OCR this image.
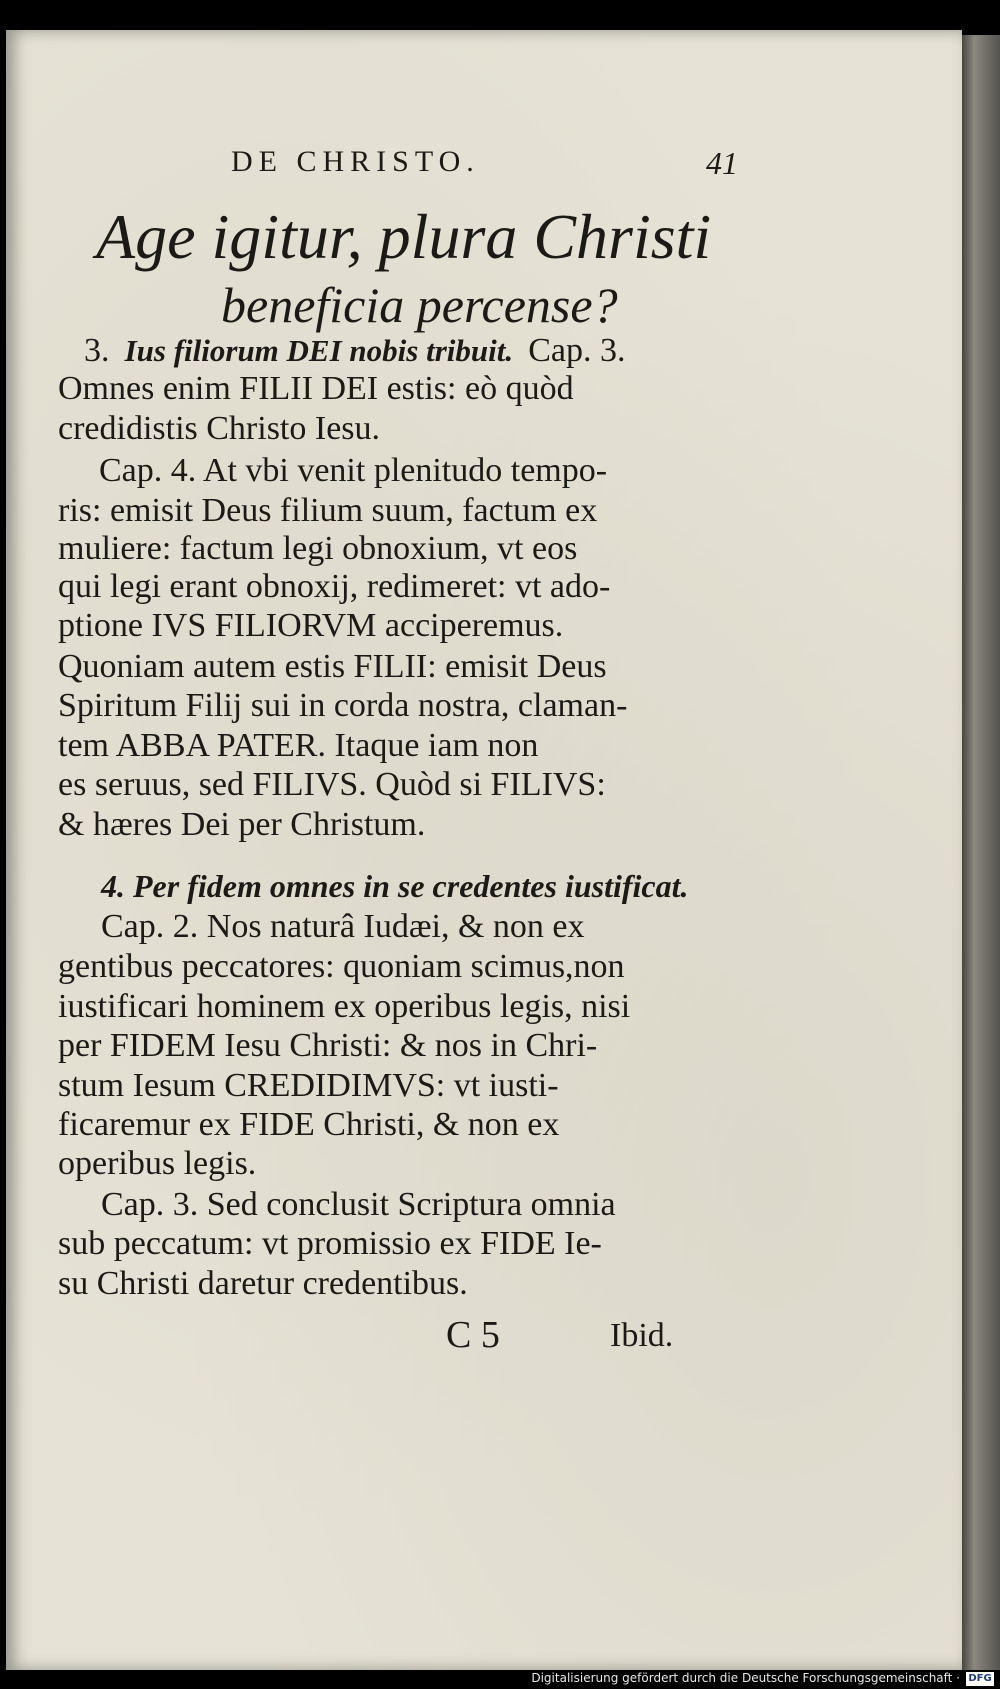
DE CHRISTO.	41
Age igitur, plura Christi
beneficia percense?
3. Ius filiorum DEI nobis tribuit. Cap. 3.
Omnes enim FILII DEI estis: eò quòd
credidistis Christo Iesu.
Cap. 4. At vbi venit plenitudo tempo-
ris: emisit Deus filium suum, factum ex
muliere: factum legi obnoxium, vt eos
qui legi erant obnoxij, redimeret: vt ado-
ptione IVS FILIORVM acciperemus.
Quoniam autem estis FILII: emisit Deus
Spiritum Filij sui in corda nostra, claman-
tem ABBA PATER. Itaque iam non
es seruus, sed FILIVS. Quòd si FILIVS:
& hæres Dei per Christum.
4. Per fidem omnes in se credentes iustificat.
Cap. 2. Nos naturâ Iudæi, & non ex
gentibus peccatores: quoniam scimus,non
iustificari hominem ex operibus legis, nisi
per FIDEM Iesu Christi: & nos in Chri-
stum Iesum CREDIDIMVS: vt iusti-
ficaremur ex FIDE Christi, & non ex
operibus legis.
Cap. 3. Sed conclusit Scriptura omnia
sub peccatum: vt promissio ex FIDE Ie-
su Christi daretur credentibus.
C 5	Ibid.
Digitalisierung gefördert durch die Deutsche Forschungsgemeinschaft · DFG
